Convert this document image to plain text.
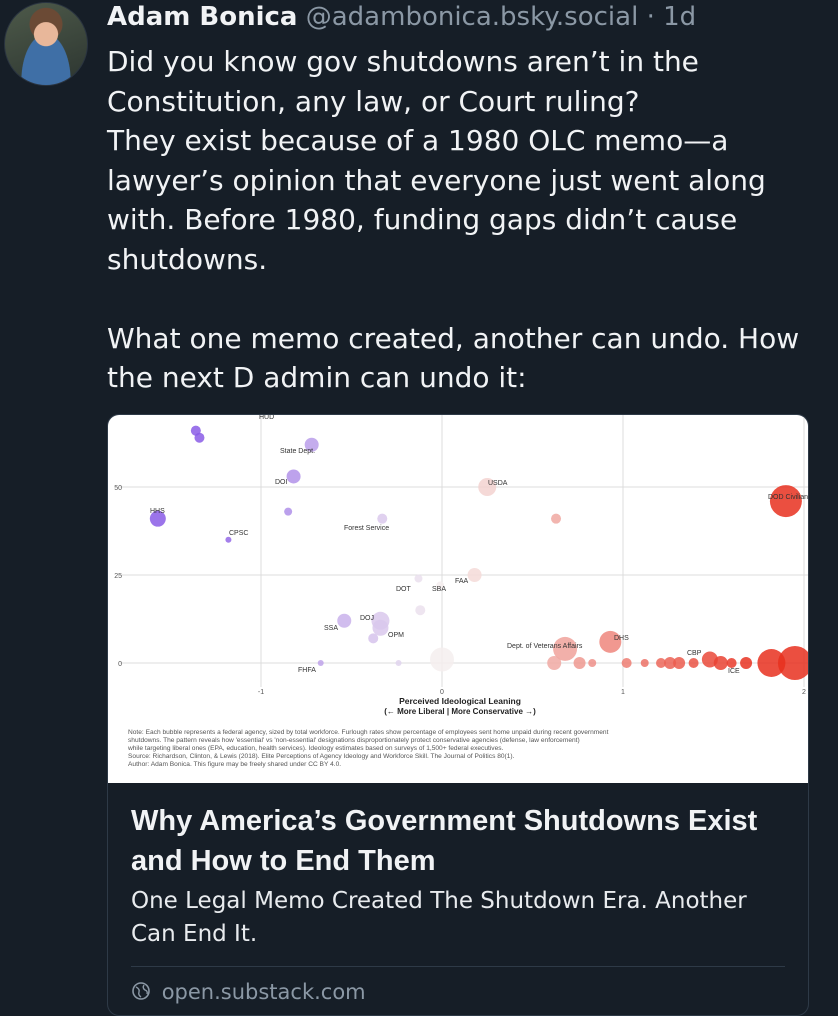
Adam Bonica @adambonica.bsky.social · 1d

Did you know gov shutdowns aren’t in the Constitution, any law, or Court ruling?

They exist because of a 1980 OLC memo—a lawyer’s opinion that everyone just went along with. Before 1980, funding gaps didn’t cause shutdowns.

What one memo created, another can undo. How the next D admin can undo it:

0
25
50
-1	0	1	2
HUD
State Dept.
DOI
HHS
CPSC
Forest Service
USDA
DOD Civilian
DOT	SBA
FAA
DOJ
SSA
OPM
FHFA
Dept. of Veterans Affairs
DHS
CBP
ICE
Perceived Ideological Leaning
(← More Liberal | More Conservative →)
Note: Each bubble represents a federal agency, sized by total workforce. Furlough rates show percentage of employees sent home unpaid during recent government
shutdowns. The pattern reveals how 'essential' vs 'non-essential' designations disproportionately protect conservative agencies (defense, law enforcement)
while targeting liberal ones (EPA, education, health services). Ideology estimates based on surveys of 1,500+ federal executives.
Source: Richardson, Clinton, & Lewis (2018). Elite Perceptions of Agency Ideology and Workforce Skill. The Journal of Politics 80(1).
Author: Adam Bonica. This figure may be freely shared under CC BY 4.0.
Why America’s Government Shutdowns Exist and How to End Them
One Legal Memo Created The Shutdown Era. Another Can End It.
open.substack.com
